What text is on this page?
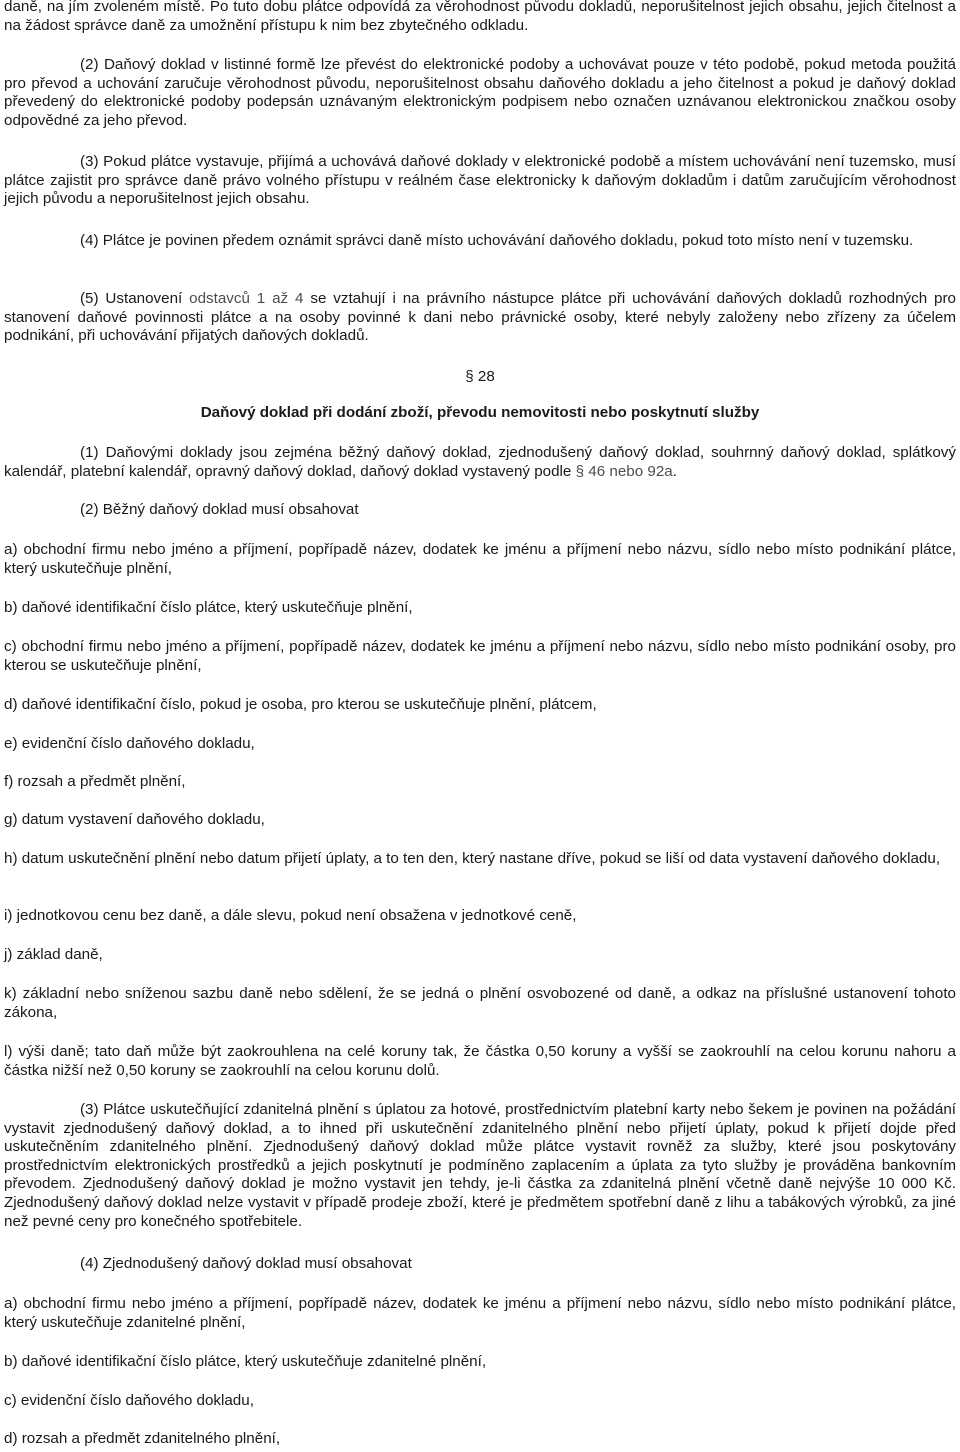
daně, na jím zvoleném místě. Po tuto dobu plátce odpovídá za věrohodnost původu dokladů, neporušitelnost jejich obsahu, jejich čitelnost a na žádost správce daně za umožnění přístupu k nim bez zbytečného odkladu.

(2) Daňový doklad v listinné formě lze převést do elektronické podoby a uchovávat pouze v této podobě, pokud metoda použitá pro převod a uchování zaručuje věrohodnost původu, neporušitelnost obsahu daňového dokladu a jeho čitelnost a pokud je daňový doklad převedený do elektronické podoby podepsán uznávaným elektronickým podpisem nebo označen uznávanou elektronickou značkou osoby odpovědné za jeho převod.

(3) Pokud plátce vystavuje, přijímá a uchovává daňové doklady v elektronické podobě a místem uchovávání není tuzemsko, musí plátce zajistit pro správce daně právo volného přístupu v reálném čase elektronicky k daňovým dokladům i datům zaručujícím věrohodnost jejich původu a neporušitelnost jejich obsahu.

(4) Plátce je povinen předem oznámit správci daně místo uchovávání daňového dokladu, pokud toto místo není v tuzemsku.

(5) Ustanovení odstavců 1 až 4 se vztahují i na právního nástupce plátce při uchovávání daňových dokladů rozhodných pro stanovení daňové povinnosti plátce a na osoby povinné k dani nebo právnické osoby, které nebyly založeny nebo zřízeny za účelem podnikání, při uchovávání přijatých daňových dokladů.

§ 28

Daňový doklad při dodání zboží, převodu nemovitosti nebo poskytnutí služby

(1) Daňovými doklady jsou zejména běžný daňový doklad, zjednodušený daňový doklad, souhrnný daňový doklad, splátkový kalendář, platební kalendář, opravný daňový doklad, daňový doklad vystavený podle § 46 nebo 92a.

(2) Běžný daňový doklad musí obsahovat

a) obchodní firmu nebo jméno a příjmení, popřípadě název, dodatek ke jménu a příjmení nebo názvu, sídlo nebo místo podnikání plátce, který uskutečňuje plnění,

b) daňové identifikační číslo plátce, který uskutečňuje plnění,

c) obchodní firmu nebo jméno a příjmení, popřípadě název, dodatek ke jménu a příjmení nebo názvu, sídlo nebo místo podnikání osoby, pro kterou se uskutečňuje plnění,

d) daňové identifikační číslo, pokud je osoba, pro kterou se uskutečňuje plnění, plátcem,

e) evidenční číslo daňového dokladu,

f) rozsah a předmět plnění,

g) datum vystavení daňového dokladu,

h) datum uskutečnění plnění nebo datum přijetí úplaty, a to ten den, který nastane dříve, pokud se liší od data vystavení daňového dokladu,

i) jednotkovou cenu bez daně, a dále slevu, pokud není obsažena v jednotkové ceně,

j) základ daně,

k) základní nebo sníženou sazbu daně nebo sdělení, že se jedná o plnění osvobozené od daně, a odkaz na příslušné ustanovení tohoto zákona,

l) výši daně; tato daň může být zaokrouhlena na celé koruny tak, že částka 0,50 koruny a vyšší se zaokrouhlí na celou korunu nahoru a částka nižší než 0,50 koruny se zaokrouhlí na celou korunu dolů.

(3) Plátce uskutečňující zdanitelná plnění s úplatou za hotové, prostřednictvím platební karty nebo šekem je povinen na požádání vystavit zjednodušený daňový doklad, a to ihned při uskutečnění zdanitelného plnění nebo přijetí úplaty, pokud k přijetí dojde před uskutečněním zdanitelného plnění. Zjednodušený daňový doklad může plátce vystavit rovněž za služby, které jsou poskytovány prostřednictvím elektronických prostředků a jejich poskytnutí je podmíněno zaplacením a úplata za tyto služby je prováděna bankovním převodem. Zjednodušený daňový doklad je možno vystavit jen tehdy, je-li částka za zdanitelná plnění včetně daně nejvýše 10 000 Kč. Zjednodušený daňový doklad nelze vystavit v případě prodeje zboží, které je předmětem spotřební daně z lihu a tabákových výrobků, za jiné než pevné ceny pro konečného spotřebitele.

(4) Zjednodušený daňový doklad musí obsahovat

a) obchodní firmu nebo jméno a příjmení, popřípadě název, dodatek ke jménu a příjmení nebo názvu, sídlo nebo místo podnikání plátce, který uskutečňuje zdanitelné plnění,

b) daňové identifikační číslo plátce, který uskutečňuje zdanitelné plnění,

c) evidenční číslo daňového dokladu,

d) rozsah a předmět zdanitelného plnění,
